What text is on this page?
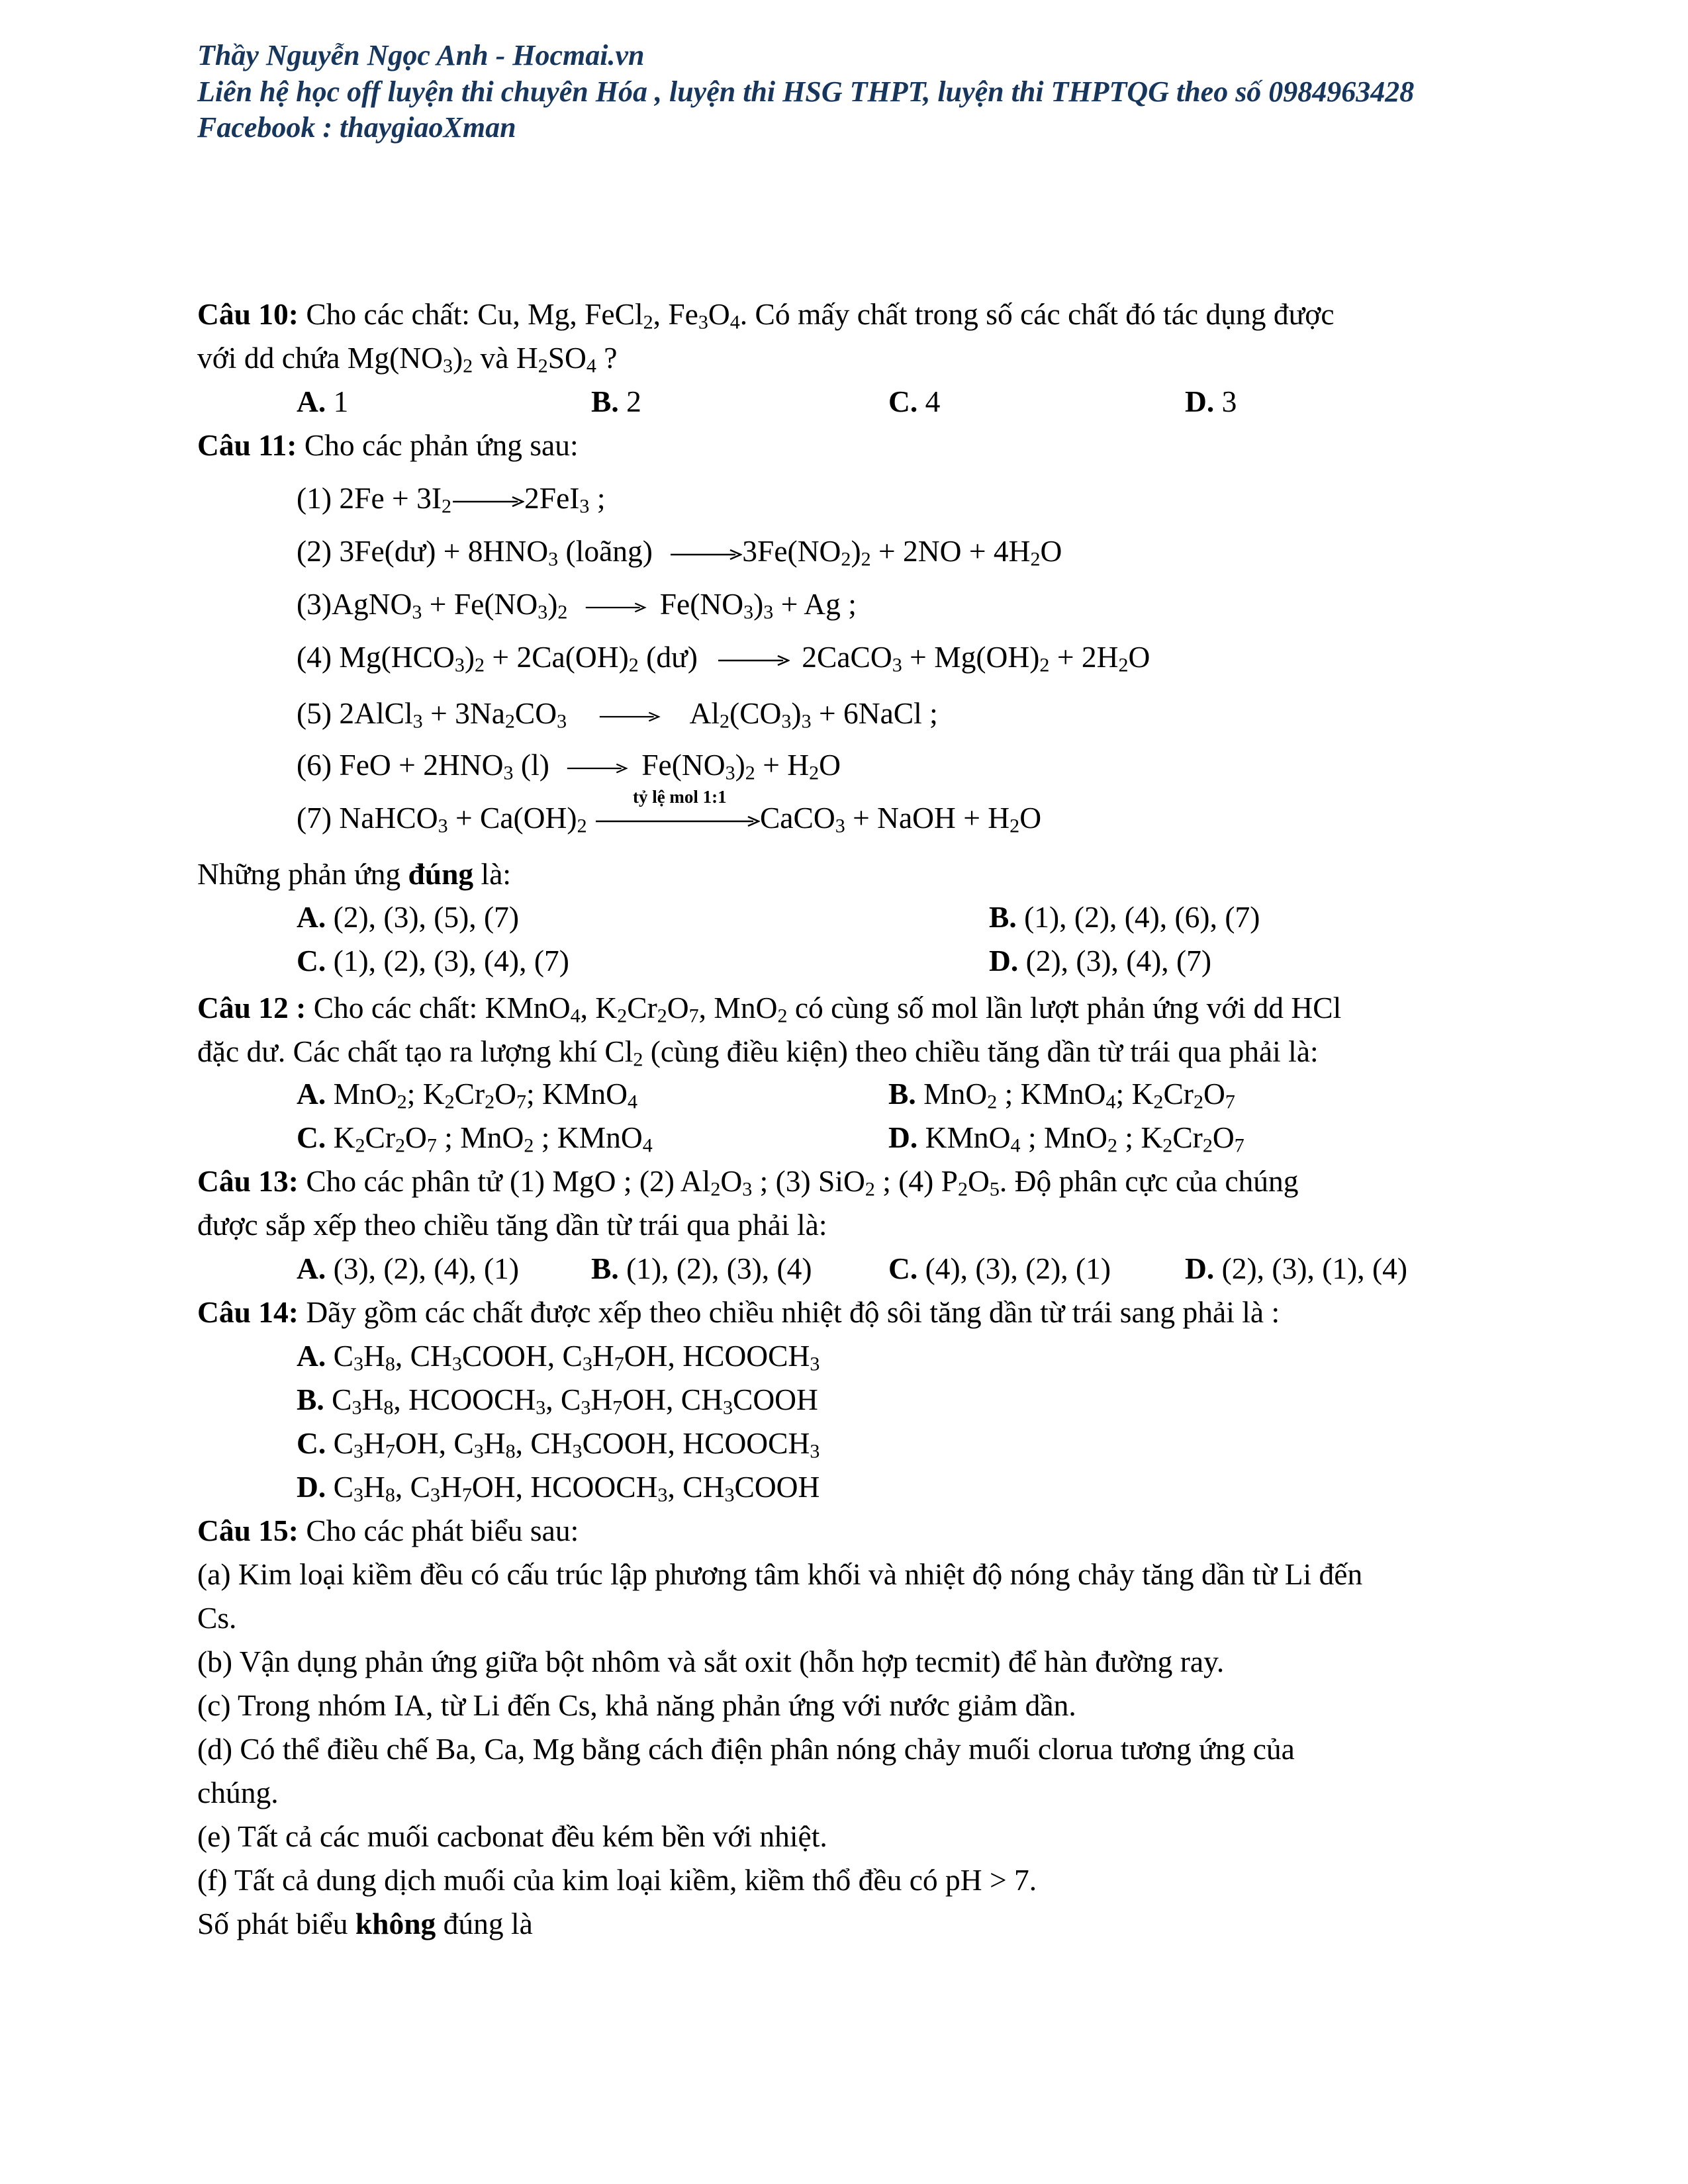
Thầy Nguyễn Ngọc Anh - Hocmai.vn
Liên hệ học off luyện thi chuyên Hóa , luyện thi HSG THPT, luyện thi THPTQG theo số 0984963428
Facebook : thaygiaoXman
Câu 10: Cho các chất: Cu, Mg, FeCl$_2$, $Fe_3O_4$. Có mấy chất trong số các chất đó tác dụng được
với dd chứa $Mg(NO_3)_2$ và $H_2SO_4$ ?
A. 1	B. 2	C. 4	D. 3
Câu 11: Cho các phản ứng sau:
(1) $2Fe + 3I_2\to 2FeI_3$ ;
(2) 3Fe(dư) + $8HNO_3$ (loãng) $\to 3Fe(NO_2)_2 + 2NO + 4H_2O$
(3)AgNO$_3$ + $Fe(NO_3)_2 \to Fe(NO_3)_3 + Ag$ ;
(4) $Mg(HCO_3)_2 + 2Ca(OH)_2$ (dư) → 2CaCO$_3$ + $Mg(OH)_2 + 2H_2O$
(5) 2AlCl$_3$ + $3Na_2CO_3 \to Al_2(CO_3)_3$ + 6NaCl ;
(6) FeO + $2HNO_3$ $(l) \to Fe(NO_3)_2 + H_2O$
(7) NaHCO$_3$ + $Ca(OH)_2$
tỷ lệ mol 1:1
CaCO$_3$ + NaOH + $H_2O$
Những phản ứng đúng là:
A. (2), (3), (5), (7)	B. (1), (2), (4), (6), (7)
C. (1), (2), (3), (4), (7)	D. (2), (3), (4), (7)
Câu 12 : Cho các chất: KMnO$_4$, $K_2Cr_2O_7$, MnO$_2$ có cùng số mol lần lượt phản ứng với dd HCl
đặc dư. Các chất tạo ra lượng khí $Cl_2$ (cùng điều kiện) theo chiều tăng dần từ trái qua phải là:
A. MnO$_2$; $K_2Cr_2O_7$; KMnO$_4$	B. MnO$_2$ ; KMnO$_4$; $K_2Cr_2O_7$
C. $K_2Cr_2O_7$ ; MnO$_2$ ; KMnO$_4$	D. KMnO$_4$ ; MnO$_2$ ; $K_2Cr_2O_7$
Câu 13: Cho các phân tử (1) MgO ; (2) $Al_2O_3$ ; (3) SiO$_2$ ; (4) $P_2O_5$. Độ phân cực của chúng
được sắp xếp theo chiều tăng dần từ trái qua phải là:
A. (3), (2), (4), (1) B. (1), (2), (3), (4)	C. (4), (3), (2), (1) D. (2), (3), (1), (4)
Câu 14: Dãy gồm các chất được xếp theo chiều nhiệt độ sôi tăng dần từ trái sang phải là :
A. $C_3H_8$, $CH_3COOH$, $C_3H_7OH$, $HCOOCH_3$
B. $C_3H_8$, $HCOOCH_3$, $C_3H_7OH$, $CH_3COOH$
C. $C_3H_7OH$, $C_3H_8$, $CH_3COOH$, $HCOOCH_3$
D. $C_3H_8$, $C_3H_7OH$, $HCOOCH_3$, $CH_3COOH$
Câu 15: Cho các phát biểu sau:
(a) Kim loại kiềm đều có cấu trúc lập phương tâm khối và nhiệt độ nóng chảy tăng dần từ Li đến
Cs.
(b) Vận dụng phản ứng giữa bột nhôm và sắt oxit (hỗn hợp tecmit) để hàn đường ray.
(c) Trong nhóm IA, từ Li đến Cs, khả năng phản ứng với nước giảm dần.
(d) Có thể điều chế Ba, Ca, Mg bằng cách điện phân nóng chảy muối clorua tương ứng của
chúng.
(e) Tất cả các muối cacbonat đều kém bền với nhiệt.
(f) Tất cả dung dịch muối của kim loại kiềm, kiềm thổ đều có pH > 7.
Số phát biểu không đúng là
